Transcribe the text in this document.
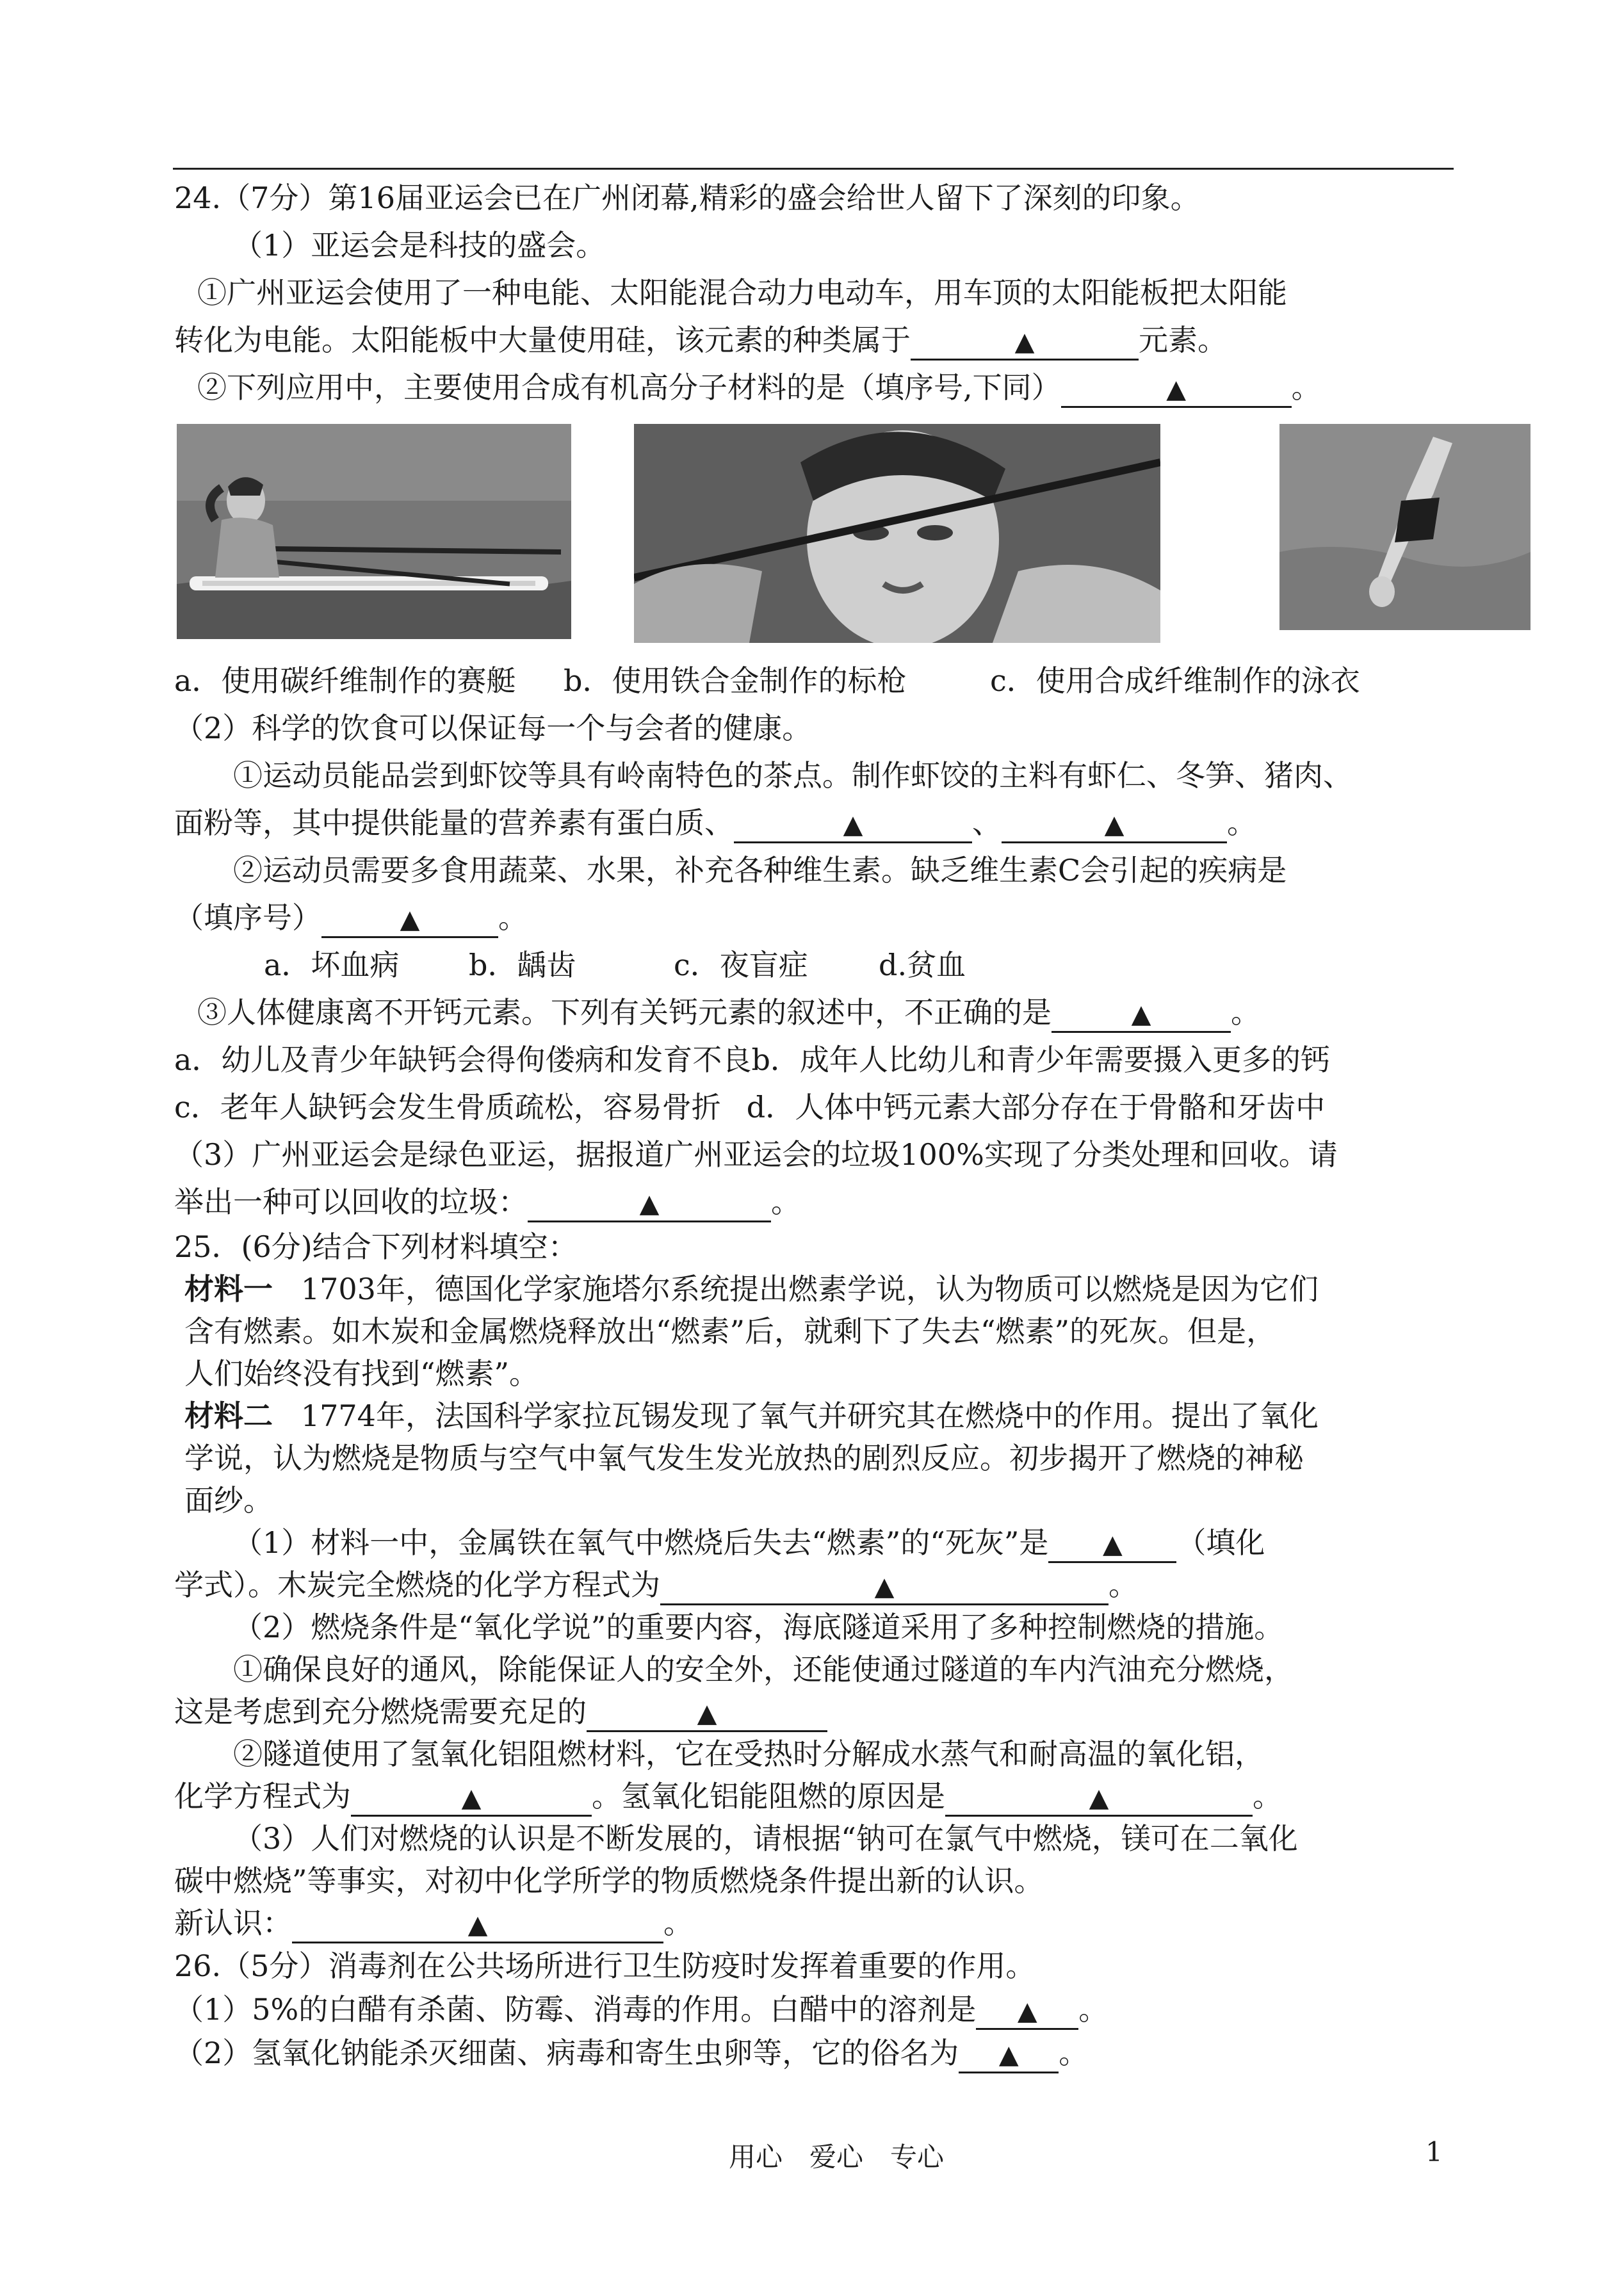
24.（7分）第16届亚运会已在广州闭幕,精彩的盛会给世人留下了深刻的印象。
（1）亚运会是科技的盛会。
①广州亚运会使用了一种电能、太阳能混合动力电动车，用车顶的太阳能板把太阳能
转化为电能。太阳能板中大量使用硅，该元素的种类属于 ▲	元素。
②下列应用中，主要使用合成有机高分子材料的是（填序号,下同） ▲	。
a．使用碳纤维制作的赛艇 b．使用铁合金制作的标枪	c．使用合成纤维制作的泳衣
（2）科学的饮食可以保证每一个与会者的健康。
①运动员能品尝到虾饺等具有岭南特色的茶点。制作虾饺的主料有虾仁、冬笋、猪肉、
面粉等，其中提供能量的营养素有蛋白质、 ▲	、 ▲	。
②运动员需要多食用蔬菜、水果，补充各种维生素。缺乏维生素C会引起的疾病是
（填序号） ▲	。
a．坏血病 b．龋齿	c．夜盲症 d.贫血
③人体健康离不开钙元素。下列有关钙元素的叙述中，不正确的是 ▲	。
a．幼儿及青少年缺钙会得佝偻病和发育不良b．成年人比幼儿和青少年需要摄入更多的钙
c．老年人缺钙会发生骨质疏松，容易骨折 d．人体中钙元素大部分存在于骨骼和牙齿中
（3）广州亚运会是绿色亚运，据报道广州亚运会的垃圾100%实现了分类处理和回收。请
举出一种可以回收的垃圾： ▲	。
25．(6分)结合下列材料填空：
材料一 1703年，德国化学家施塔尔系统提出燃素学说，认为物质可以燃烧是因为它们
含有燃素。如木炭和金属燃烧释放出“燃素”后，就剩下了失去“燃素”的死灰。但是，
人们始终没有找到“燃素”。
材料二 1774年，法国科学家拉瓦锡发现了氧气并研究其在燃烧中的作用。提出了氧化
学说，认为燃烧是物质与空气中氧气发生发光放热的剧烈反应。初步揭开了燃烧的神秘
面纱。
（1）材料一中，金属铁在氧气中燃烧后失去“燃素”的“死灰”是 ▲	（填化
学式）。木炭完全燃烧的化学方程式为 ▲	。
（2）燃烧条件是“氧化学说”的重要内容，海底隧道采用了多种控制燃烧的措施。
①确保良好的通风，除能保证人的安全外，还能使通过隧道的车内汽油充分燃烧，
这是考虑到充分燃烧需要充足的▲
②隧道使用了氢氧化铝阻燃材料，它在受热时分解成水蒸气和耐高温的氧化铝，
化学方程式为 ▲	。氢氧化铝能阻燃的原因是 ▲	。
（3）人们对燃烧的认识是不断发展的，请根据“钠可在氯气中燃烧，镁可在二氧化
碳中燃烧”等事实，对初中化学所学的物质燃烧条件提出新的认识。
新认识： ▲	。
26.（5分）消毒剂在公共场所进行卫生防疫时发挥着重要的作用。
（1）5%的白醋有杀菌、防霉、消毒的作用。白醋中的溶剂是 ▲	。
（2）氢氧化钠能杀灭细菌、病毒和寄生虫卵等，它的俗名为 ▲	。
用心　爱心　专心	1
